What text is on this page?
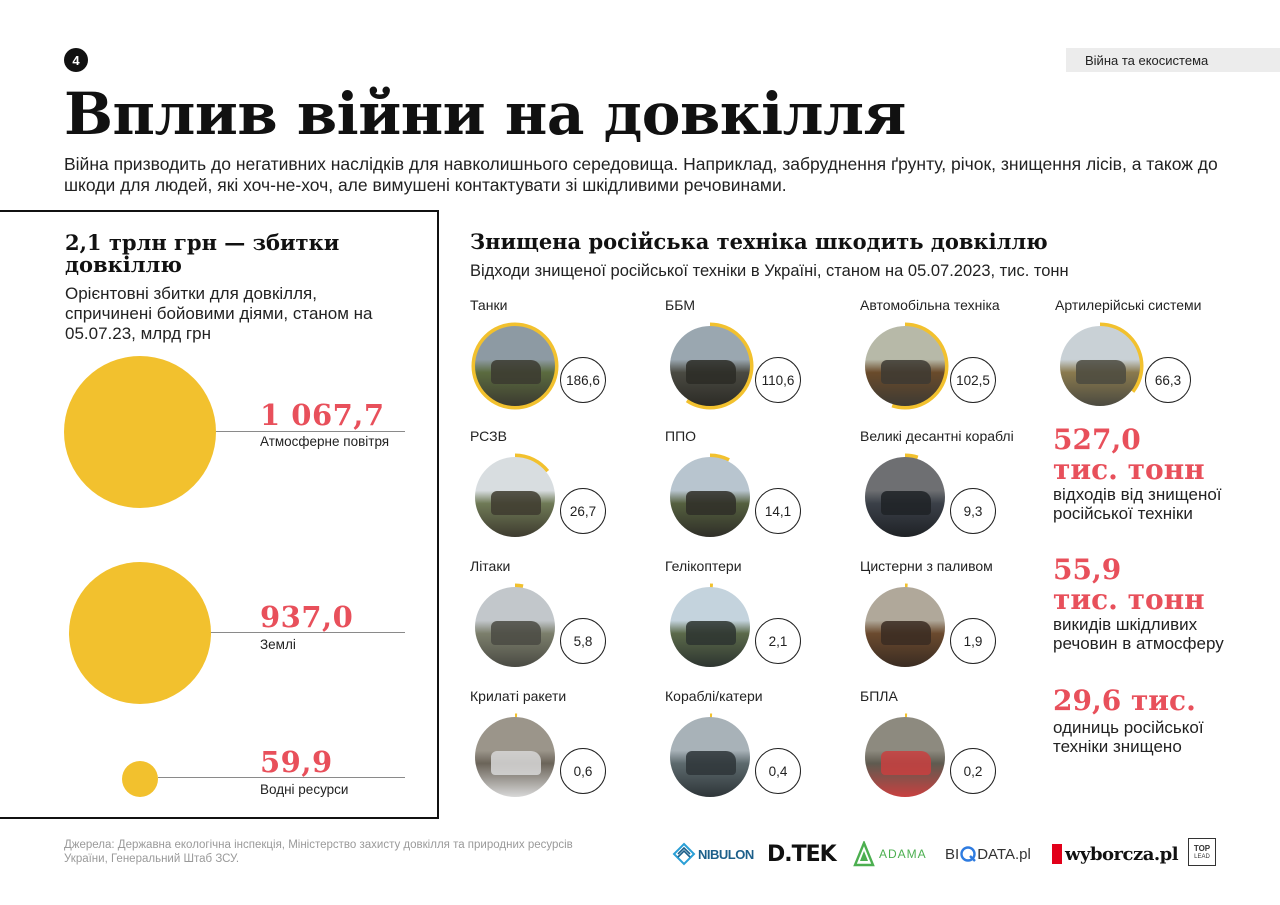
4	Війна та екосистема
Вплив війни на довкілля
Війна призводить до негативних наслідків для навколишнього середовища. Наприклад, забруднення ґрунту, річок, знищення лісів, а також до шкоди для людей, які хоч-не-хоч, але вимушені контактувати зі шкідливими речовинами.
2,1 трлн грн — збитки довкіллю
Орієнтовні збитки для довкілля, спричинені бойовими діями, станом на 05.07.23, млрд грн
1 067,7
Атмосферне повітря
937,0
Землі
59,9
Водні ресурси
Знищена російська техніка шкодить довкіллю
Відходи знищеної російської техніки в Україні, станом на 05.07.2023, тис. тонн
Танки
186,6
ББМ
110,6
Автомобільна техніка
102,5
Артилерійські системи
66,3
РСЗВ
26,7
ППО
14,1
Великі десантні кораблі
9,3
Літаки
5,8
Гелікоптери
2,1
Цистерни з паливом
1,9
Крилаті ракети
0,6
Кораблі/катери
0,4
БПЛА
0,2
527,0
тис. тонн
відходів від знищеної російської техніки
55,9
тис. тонн
викидів шкідливих речовин в атмосферу
29,6 тис.
одиниць російської техніки знищено
Джерела: Державна екологічна інспекція, Міністерство захисту довкілля та природних ресурсів України, Генеральний Штаб ЗСУ.	NIBULON D.TEK	ADAMA BI DATA.pl wyborcza.pl TOP
LEAD
